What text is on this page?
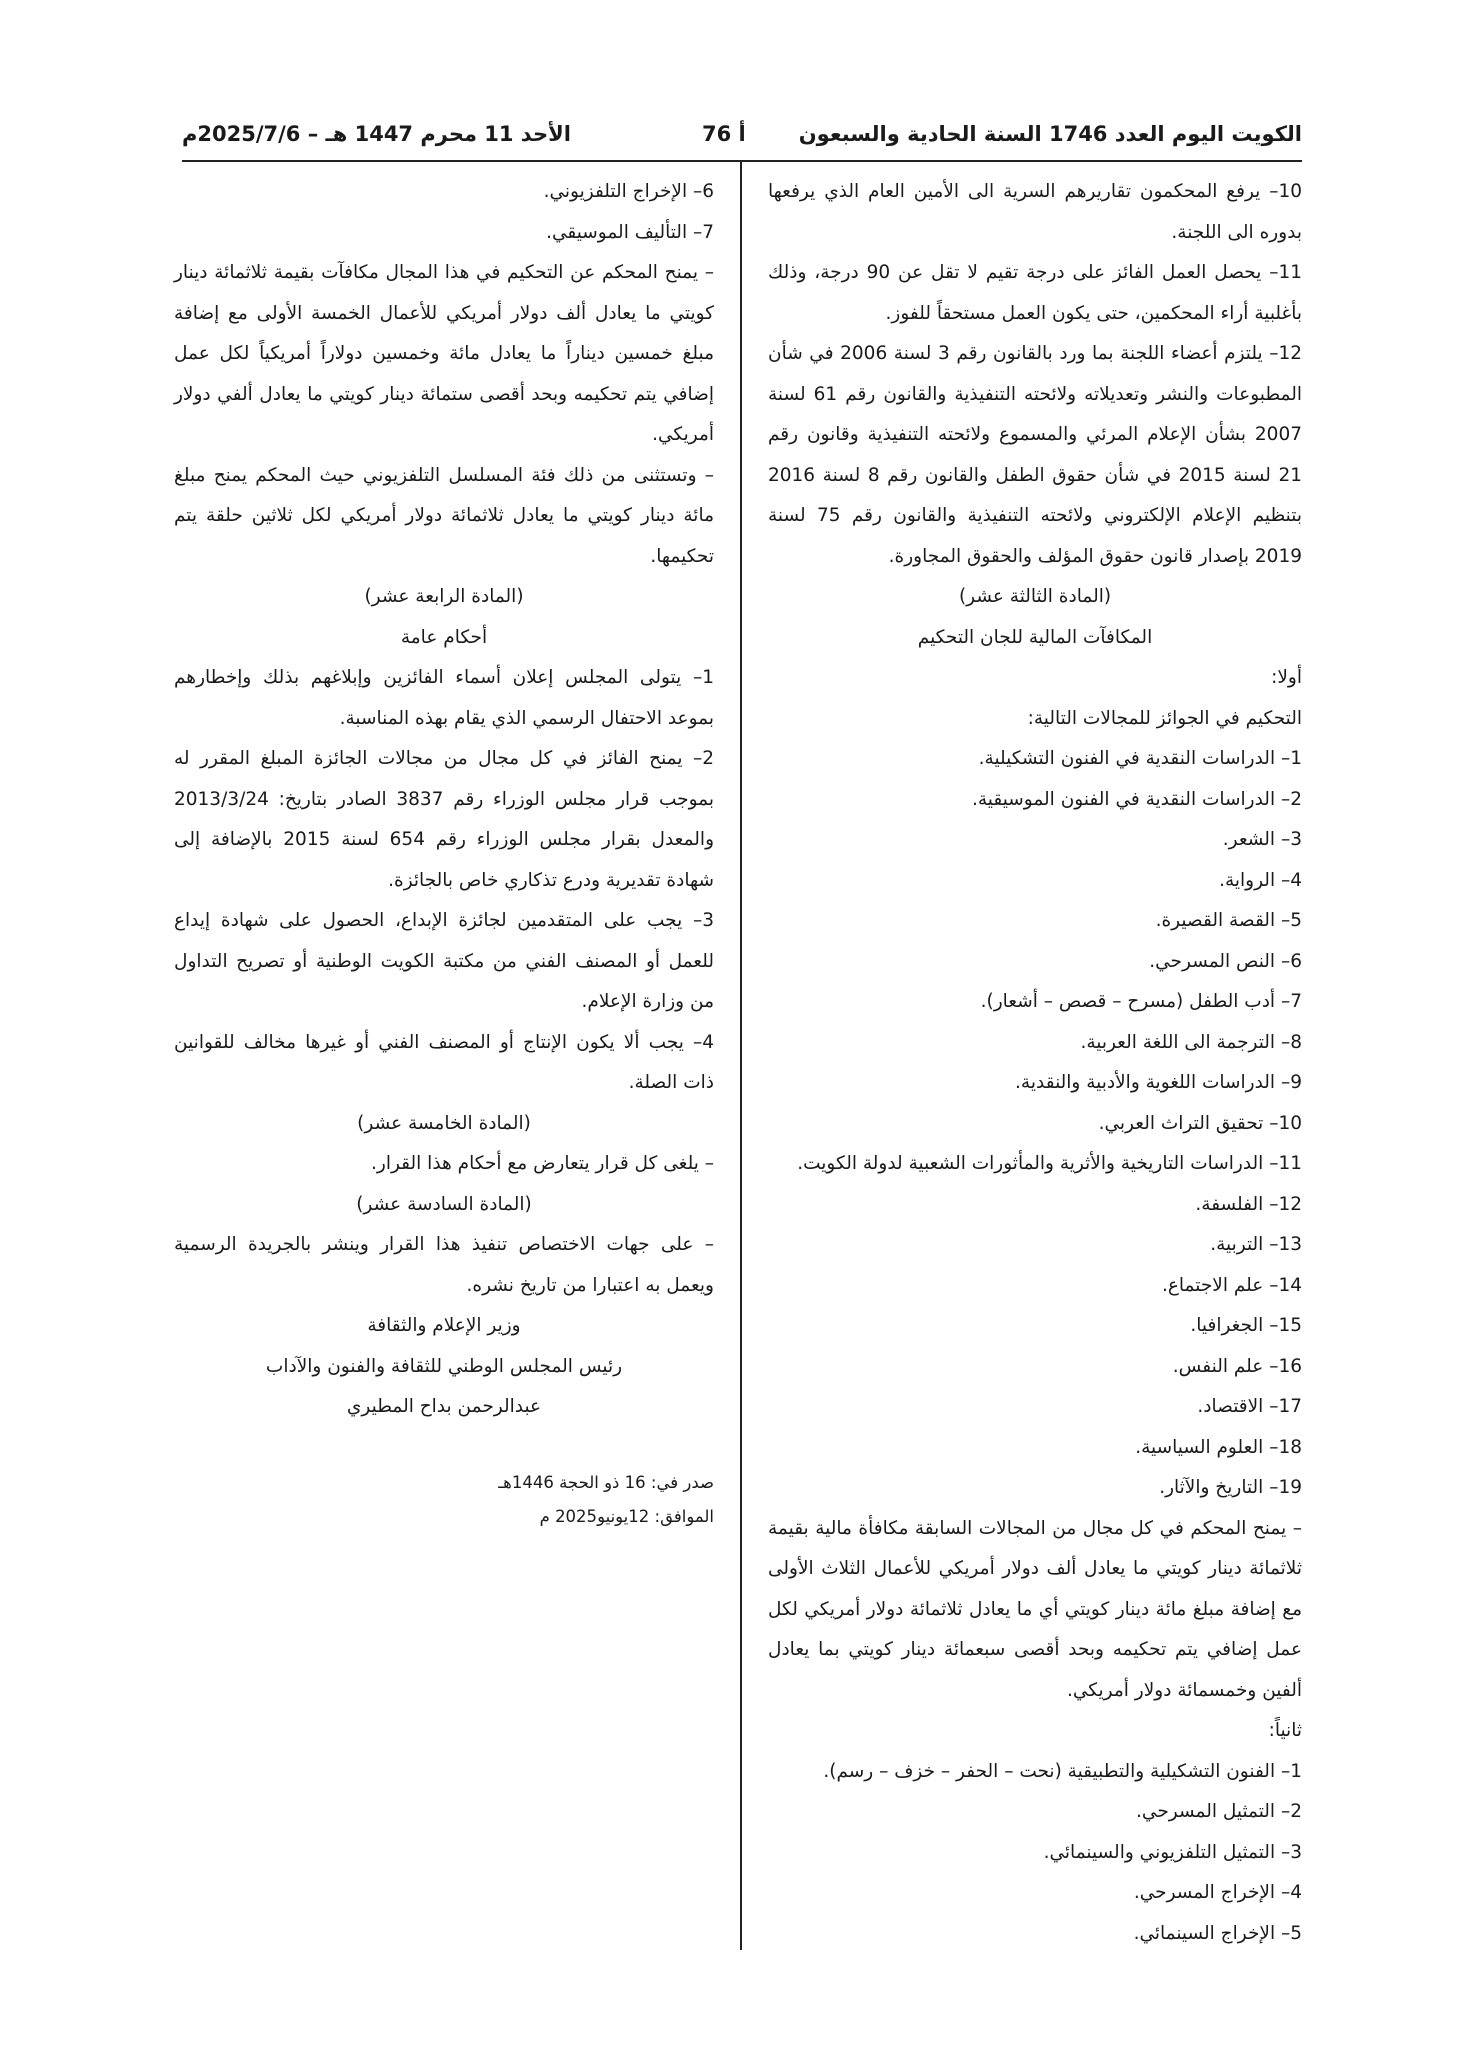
الكويت اليوم العدد 1746 السنة الحادية والسبعون
أ 76
الأحد 11 محرم 1447 هـ – 2025/7/6م

10– يرفع المحكمون تقاريرهم السرية الى الأمين العام الذي يرفعها بدوره الى اللجنة.

11– يحصل العمل الفائز على درجة تقيم لا تقل عن 90 درجة، وذلك بأغلبية أراء المحكمين، حتى يكون العمل مستحقاً للفوز.

12– يلتزم أعضاء اللجنة بما ورد بالقانون رقم 3 لسنة 2006 في شأن المطبوعات والنشر وتعديلاته ولائحته التنفيذية والقانون رقم 61 لسنة 2007 بشأن الإعلام المرئي والمسموع ولائحته التنفيذية وقانون رقم 21 لسنة 2015 في شأن حقوق الطفل والقانون رقم 8 لسنة 2016 بتنظيم الإعلام الإلكتروني ولائحته التنفيذية والقانون رقم 75 لسنة 2019 بإصدار قانون حقوق المؤلف والحقوق المجاورة.

(المادة الثالثة عشر)

المكافآت المالية للجان التحكيم

أولا:

التحكيم في الجوائز للمجالات التالية:

1– الدراسات النقدية في الفنون التشكيلية.

2– الدراسات النقدية في الفنون الموسيقية.

3– الشعر.

4– الرواية.

5– القصة القصيرة.

6– النص المسرحي.

7– أدب الطفل (مسرح – قصص – أشعار).

8– الترجمة الى اللغة العربية.

9– الدراسات اللغوية والأدبية والنقدية.

10– تحقيق التراث العربي.

11– الدراسات التاريخية والأثرية والمأثورات الشعبية لدولة الكويت.

12– الفلسفة.

13– التربية.

14– علم الاجتماع.

15– الجغرافيا.

16– علم النفس.

17– الاقتصاد.

18– العلوم السياسية.

19– التاريخ والآثار.

– يمنح المحكم في كل مجال من المجالات السابقة مكافأة مالية بقيمة ثلاثمائة دينار كويتي ما يعادل ألف دولار أمريكي للأعمال الثلاث الأولى مع إضافة مبلغ مائة دينار كويتي أي ما يعادل ثلاثمائة دولار أمريكي لكل عمل إضافي يتم تحكيمه وبحد أقصى سبعمائة دينار كويتي بما يعادل ألفين وخمسمائة دولار أمريكي.

ثانياً:

1– الفنون التشكيلية والتطبيقية (نحت – الحفر – خزف – رسم).

2– التمثيل المسرحي.

3– التمثيل التلفزيوني والسينمائي.

4– الإخراج المسرحي.

5– الإخراج السينمائي.

6– الإخراج التلفزيوني.

7– التأليف الموسيقي.

– يمنح المحكم عن التحكيم في هذا المجال مكافآت بقيمة ثلاثمائة دينار كويتي ما يعادل ألف دولار أمريكي للأعمال الخمسة الأولى مع إضافة مبلغ خمسين ديناراً ما يعادل مائة وخمسين دولاراً أمريكياً لكل عمل إضافي يتم تحكيمه وبحد أقصى ستمائة دينار كويتي ما يعادل ألفي دولار أمريكي.

– وتستثنى من ذلك فئة المسلسل التلفزيوني حيث المحكم يمنح مبلغ مائة دينار كويتي ما يعادل ثلاثمائة دولار أمريكي لكل ثلاثين حلقة يتم تحكيمها.

(المادة الرابعة عشر)

أحكام عامة

1– يتولى المجلس إعلان أسماء الفائزين وإبلاغهم بذلك وإخطارهم بموعد الاحتفال الرسمي الذي يقام بهذه المناسبة.

2– يمنح الفائز في كل مجال من مجالات الجائزة المبلغ المقرر له بموجب قرار مجلس الوزراء رقم 3837 الصادر بتاريخ: 2013/3/24 والمعدل بقرار مجلس الوزراء رقم 654 لسنة 2015 بالإضافة إلى شهادة تقديرية ودرع تذكاري خاص بالجائزة.

3– يجب على المتقدمين لجائزة الإبداع، الحصول على شهادة إيداع للعمل أو المصنف الفني من مكتبة الكويت الوطنية أو تصريح التداول من وزارة الإعلام.

4– يجب ألا يكون الإنتاج أو المصنف الفني أو غيرها مخالف للقوانين ذات الصلة.

(المادة الخامسة عشر)

– يلغى كل قرار يتعارض مع أحكام هذا القرار.

(المادة السادسة عشر)

– على جهات الاختصاص تنفيذ هذا القرار وينشر بالجريدة الرسمية ويعمل به اعتبارا من تاريخ نشره.

وزير الإعلام والثقافة

رئيس المجلس الوطني للثقافة والفنون والآداب

عبدالرحمن بداح المطيري

صدر في: 16 ذو الحجة 1446هـ

الموافق: 12يونيو2025 م
